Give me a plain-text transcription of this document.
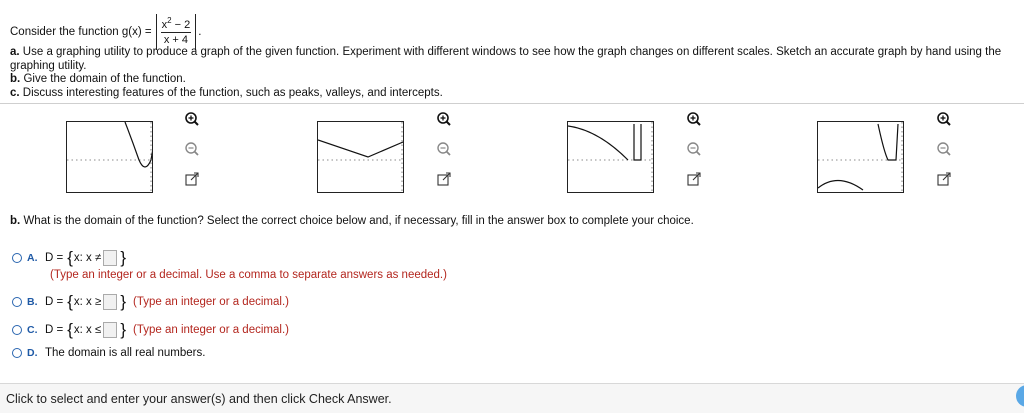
Consider the function $g(x) = \frac{x^2 - 2}{x + 4}$ .
a. Use a graphing utility to produce a graph of the given function. Experiment with different windows to see how the graph changes on different scales. Sketch an accurate graph by hand using the graphing utility.
b. Give the domain of the function.
c. Discuss interesting features of the function, such as peaks, valleys, and intercepts.
b. What is the domain of the function? Select the correct choice below and, if necessary, fill in the answer box to complete your choice.
A. D = { x: x ≠ }
(Type an integer or a decimal. Use a comma to separate answers as needed.)
B. D = { x: x ≥ } (Type an integer or a decimal.)
C. D = { x: x ≤ } (Type an integer or a decimal.)
D. The domain is all real numbers.
Click to select and enter your answer(s) and then click Check Answer.
